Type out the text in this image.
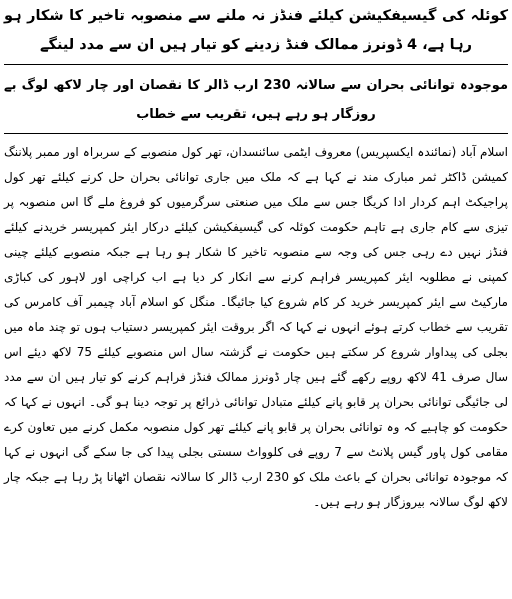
کوئلہ کی گیسیفکیشن کیلئے فنڈز نہ ملنے سے منصوبہ تاخیر کا شکار ہو رہا ہے، 4 ڈونرز ممالک فنڈ زدینے کو تیار ہیں ان سے مدد لینگے
موجودہ توانائی بحران سے سالانہ 230 ارب ڈالر کا نقصان اور چار لاکھ لوگ بے روزگار ہو رہے ہیں، تقریب سے خطاب

اسلام آباد (نمائندہ ایکسپریس) معروف ایٹمی سائنسدان، تھر کول منصوبے کے سربراہ اور ممبر پلاننگ کمیشن ڈاکٹر ثمر مبارک مند نے کہا ہے کہ ملک میں جاری توانائی بحران حل کرنے کیلئے تھر کول پراجیکٹ اہم کردار ادا کریگا جس سے ملک میں صنعتی سرگرمیوں کو فروغ ملے گا اس منصوبہ پر تیزی سے کام جاری ہے تاہم حکومت کوئلہ کی گیسیفکیشن کیلئے درکار ایئر کمپریسر خریدنے کیلئے فنڈز نہیں دے رہی جس کی وجہ سے منصوبہ تاخیر کا شکار ہو رہا ہے جبکہ منصوبے کیلئے چینی کمپنی نے مطلوبہ ایئر کمپریسر فراہم کرنے سے انکار کر دیا ہے اب کراچی اور لاہور کی کباڑی مارکیٹ سے ایئر کمپریسر خرید کر کام شروع کیا جائیگا۔ منگل کو اسلام آباد چیمبر آف کامرس کی تقریب سے خطاب کرتے ہوئے انہوں نے کہا کہ اگر بروقت ایئر کمپریسر دستیاب ہوں تو چند ماہ میں بجلی کی پیداوار شروع کر سکتے ہیں حکومت نے گزشتہ سال اس منصوبے کیلئے 75 لاکھ دیئے اس سال صرف 41 لاکھ روپے رکھے گئے ہیں چار ڈونرز ممالک فنڈز فراہم کرنے کو تیار ہیں ان سے مدد لی جائیگی توانائی بحران پر قابو پانے کیلئے متبادل توانائی ذرائع پر توجہ دینا ہو گی۔ انہوں نے کہا کہ حکومت کو چاہیے کہ وہ توانائی بحران پر قابو پانے کیلئے تھر کول منصوبہ مکمل کرنے میں تعاون کرے مقامی کول پاور گیس پلانٹ سے 7 روپے فی کلوواٹ سستی بجلی پیدا کی جا سکے گی انہوں نے کہا کہ موجودہ توانائی بحران کے باعث ملک کو 230 ارب ڈالر کا سالانہ نقصان اٹھانا پڑ رہا ہے جبکہ چار لاکھ لوگ سالانہ بیروزگار ہو رہے ہیں۔
